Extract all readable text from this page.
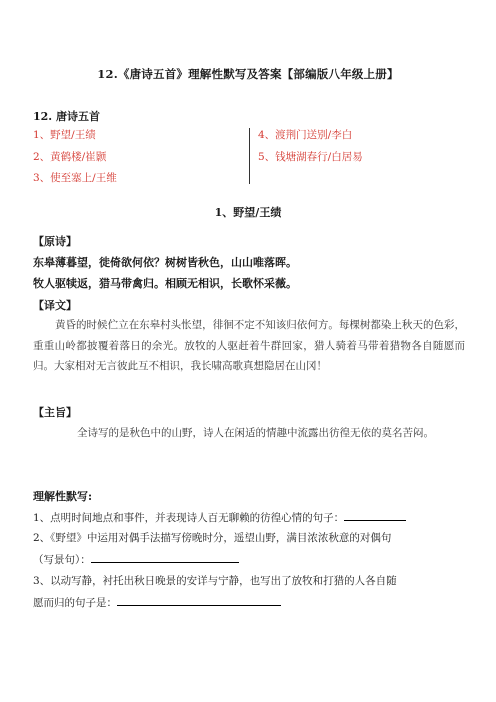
12.《唐诗五首》理解性默写及答案【部编版八年级上册】
12. 唐诗五首
1、野望/王绩
2、黄鹤楼/崔颢
3、使至塞上/王维
4、渡荆门送别/李白
5、钱塘湖春行/白居易
1、野望/王绩
【原诗】
东皋薄暮望，徙倚欲何依？树树皆秋色，山山唯落晖。
牧人驱犊返，猎马带禽归。相顾无相识，长歌怀采薇。
【译文】
黄昏的时候伫立在东皋村头怅望，徘徊不定不知该归依何方。每棵树都染上秋天的色彩，重重山岭都披覆着落日的余光。放牧的人驱赶着牛群回家，猎人骑着马带着猎物各自随愿而归。大家相对无言彼此互不相识，我长啸高歌真想隐居在山冈！
【主旨】
全诗写的是秋色中的山野，诗人在闲适的情趣中流露出彷徨无依的莫名苦闷。
理解性默写:
1、点明时间地点和事件，并表现诗人百无聊赖的彷徨心情的句子：
2、《野望》中运用对偶手法描写傍晚时分，遥望山野，满目浓浓秋意的对偶句
（写景句）：
3、以动写静，衬托出秋日晚景的安详与宁静，也写出了放牧和打猎的人各自随
愿而归的句子是：
